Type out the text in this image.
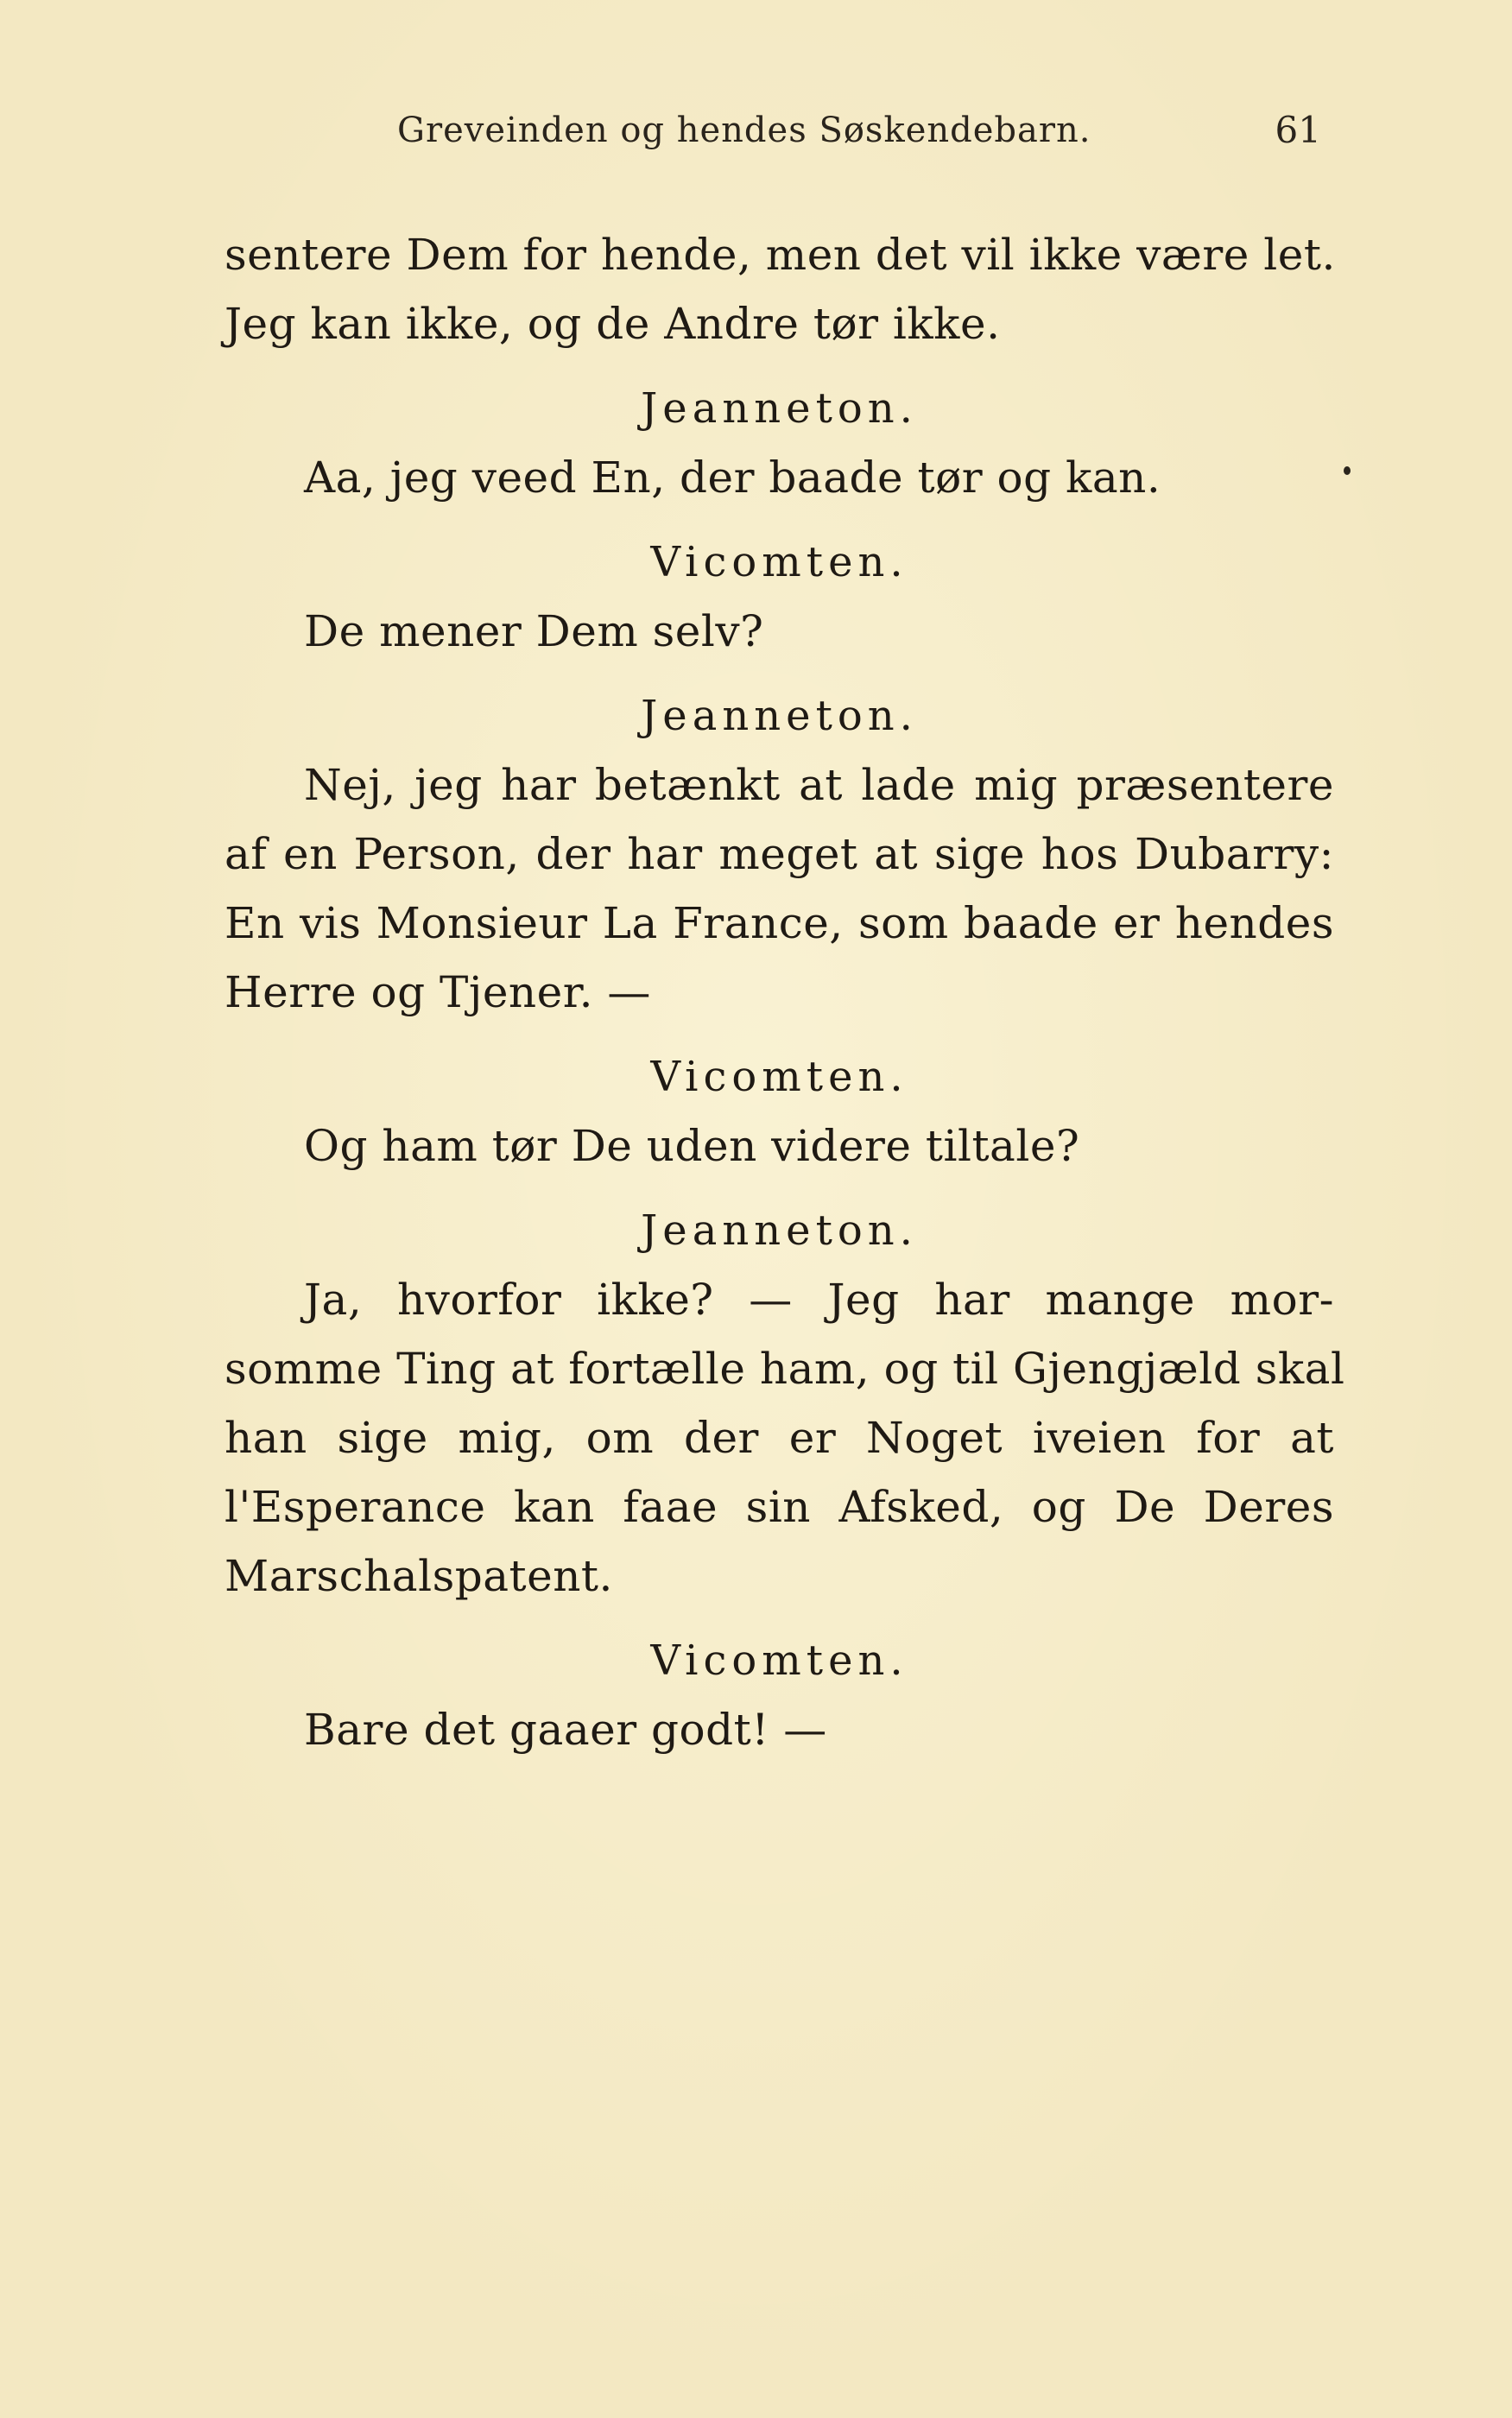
Greveinden og hendes Søskendebarn.	61
sentere Dem for hende, men det vil ikke være let.
Jeg kan ikke, og de Andre tør ikke.
Jeanneton.
Aa, jeg veed En, der baade tør og kan.
Vicomten.
De mener Dem selv?
Jeanneton.
Nej, jeg har betænkt at lade mig præsentere
af en Person, der har meget at sige hos Dubarry:
En vis Monsieur La France, som baade er hendes
Herre og Tjener. —
Vicomten.
Og ham tør De uden videre tiltale?
Jeanneton.
Ja, hvorfor ikke? — Jeg har mange mor-
somme Ting at fortælle ham, og til Gjengjæld skal
han sige mig, om der er Noget iveien for at
l'Esperance kan faae sin Afsked, og De Deres
Marschalspatent.
Vicomten.
Bare det gaaer godt! —
